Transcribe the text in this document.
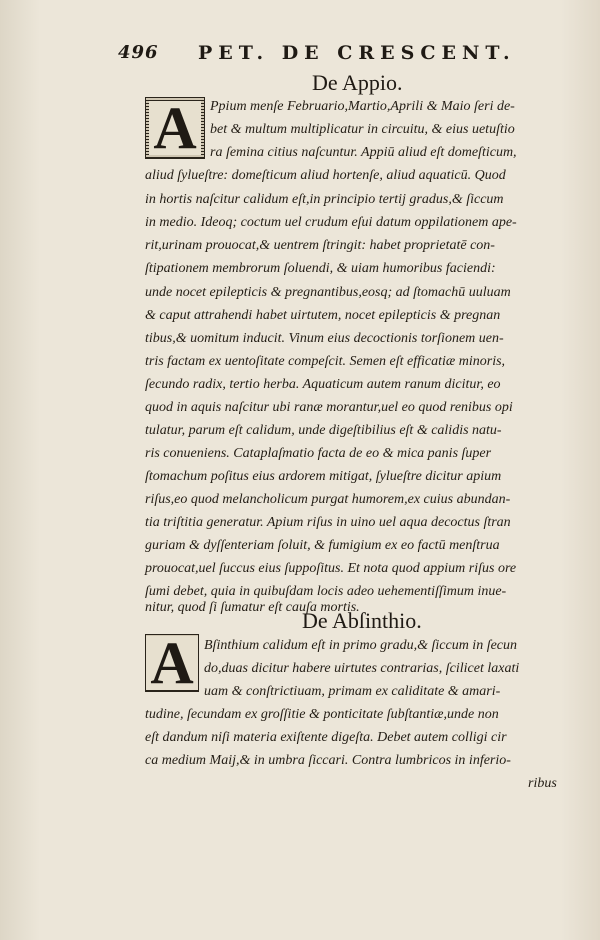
496 PET. DE CRESCENT.
De Appio.
A Ppium menſe Februario,Martio,Aprili & Maio ſeri de-
bet & multum multiplicatur in circuitu, & eius uetuſtio
ra ſemina citius naſcuntur. Appiū aliud eſt domeſticum,
aliud ſylueſtre: domeſticum aliud hortenſe, aliud aquaticū. Quod
in hortis naſcitur calidum eſt,in principio tertij gradus,& ſiccum
in medio. Ideoq; coctum uel crudum eſui datum oppilationem ape-
rit,urinam prouocat,& uentrem ſtringit: habet proprietatē con-
ſtipationem membrorum ſoluendi, & uiam humoribus faciendi:
unde nocet epilepticis & pregnantibus,eosq; ad ſtomachū uuluam
& caput attrahendi habet uirtutem, nocet epilepticis & pregnan
tibus,& uomitum inducit. Vinum eius decoctionis torſionem uen-
tris factam ex uentoſitate compeſcit. Semen eſt efficatiæ minoris,
ſecundo radix, tertio herba. Aquaticum autem ranum dicitur, eo
quod in aquis naſcitur ubi ranæ morantur,uel eo quod renibus opi
tulatur, parum eſt calidum, unde digeſtibilius eſt & calidis natu-
ris conueniens. Cataplaſmatio facta de eo & mica panis ſuper
ſtomachum poſitus eius ardorem mitigat, ſylueſtre dicitur apium
riſus,eo quod melancholicum purgat humorem,ex cuius abundan-
tia triſtitia generatur. Apium riſus in uino uel aqua decoctus ſtran
guriam & dyſſenteriam ſoluit, & fumigium ex eo factū menſtrua
prouocat,uel ſuccus eius ſuppoſitus. Et nota quod appium riſus ore
ſumi debet, quia in quibuſdam locis adeo uehementiſſimum inue-
nitur, quod ſi ſumatur eſt cauſa mortis.
De Abſinthio.
A Bſinthium calidum eſt in primo gradu,& ſiccum in ſecun
do,duas dicitur habere uirtutes contrarias, ſcilicet laxati
uam & conſtrictiuam, primam ex caliditate & amari-
tudine, ſecundam ex groſſitie & ponticitate ſubſtantiæ,unde non
eſt dandum niſi materia exiſtente digeſta. Debet autem colligi cir
ca medium Maij,& in umbra ſiccari. Contra lumbricos in inferio-
ribus
